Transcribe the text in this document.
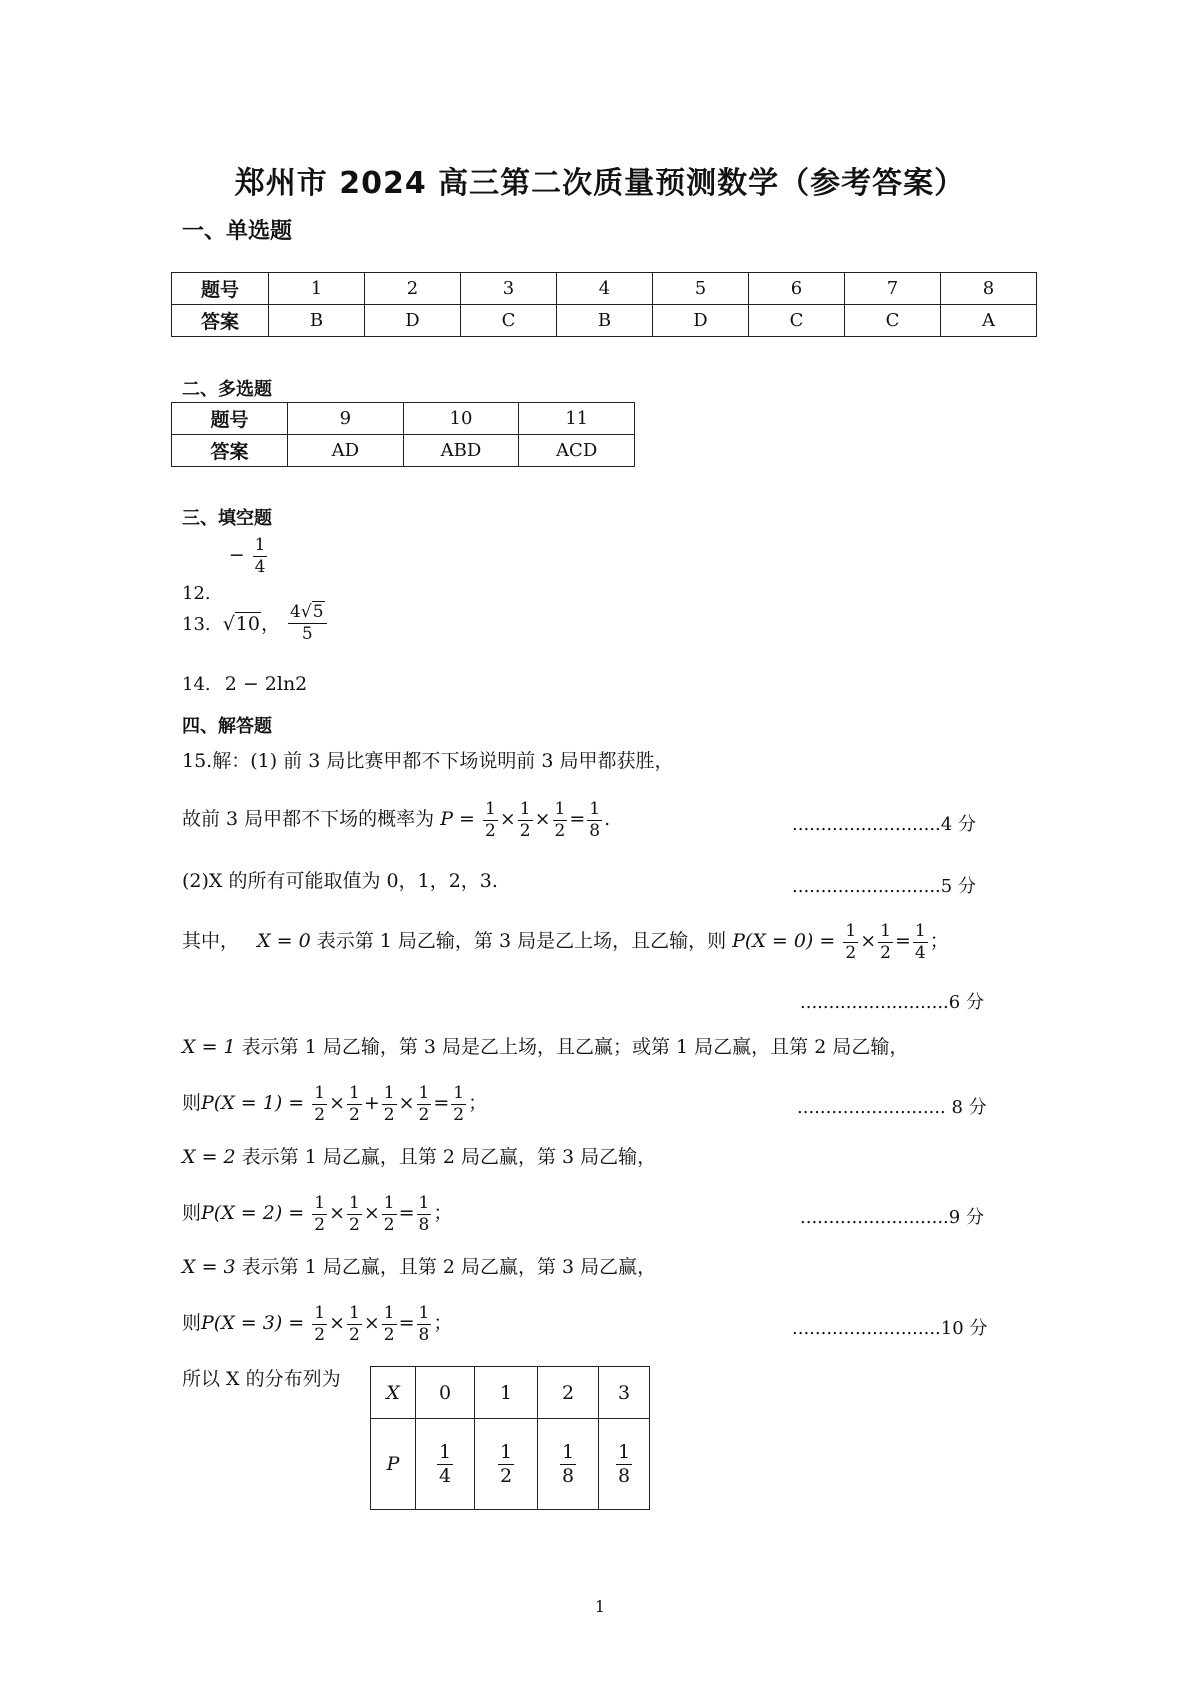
郑州市 2024 高三第二次质量预测数学（参考答案）
一、单选题
题号	1	2	3	4	5	6	7	8
答案	B	D	C	B	D	C	C	A
二、多选题
题号	9	10	11
答案	AD	ABD	ACD
三、填空题
12. − $\frac{1}{4}$
13. √10， $\frac{4√5}{5}$
14. 2 − 2ln2
四、解答题
15.解：(1) 前 3 局比赛甲都不下场说明前 3 局甲都获胜，
故前 3 局甲都不下场的概率为 $P = \frac{1}{2} \times \frac{1}{2} \times \frac{1}{2} = \frac{1}{8}$ .	..........................4 分
(2)X 的所有可能取值为 0，1，2，3.	..........................5 分
其中， X = 0 表示第 1 局乙输，第 3 局是乙上场，且乙输，则 $P(X = 0) = \frac{1}{2} \times \frac{1}{2} = \frac{1}{4}$ ；
..........................6 分
X = 1 表示第 1 局乙输，第 3 局是乙上场，且乙赢；或第 1 局乙赢，且第 2 局乙输，
则$P(X = 1) = \frac{1}{2} \times \frac{1}{2} + \frac{1}{2} \times \frac{1}{2} = \frac{1}{2}$ ；	.......................... 8 分
X = 2 表示第 1 局乙赢，且第 2 局乙赢，第 3 局乙输，
则$P(X = 2) = \frac{1}{2} \times \frac{1}{2} \times \frac{1}{2} = \frac{1}{8}$ ；	..........................9 分
X = 3 表示第 1 局乙赢，且第 2 局乙赢，第 3 局乙赢，
则$P(X = 3) = \frac{1}{2} \times \frac{1}{2} \times \frac{1}{2} = \frac{1}{8}$ ；	..........................10 分
所以 X 的分布列为
X	0	1	2	3
P	$\frac{1}{4}$	$\frac{1}{2}$	$\frac{1}{8}$	$\frac{1}{8}$
1
